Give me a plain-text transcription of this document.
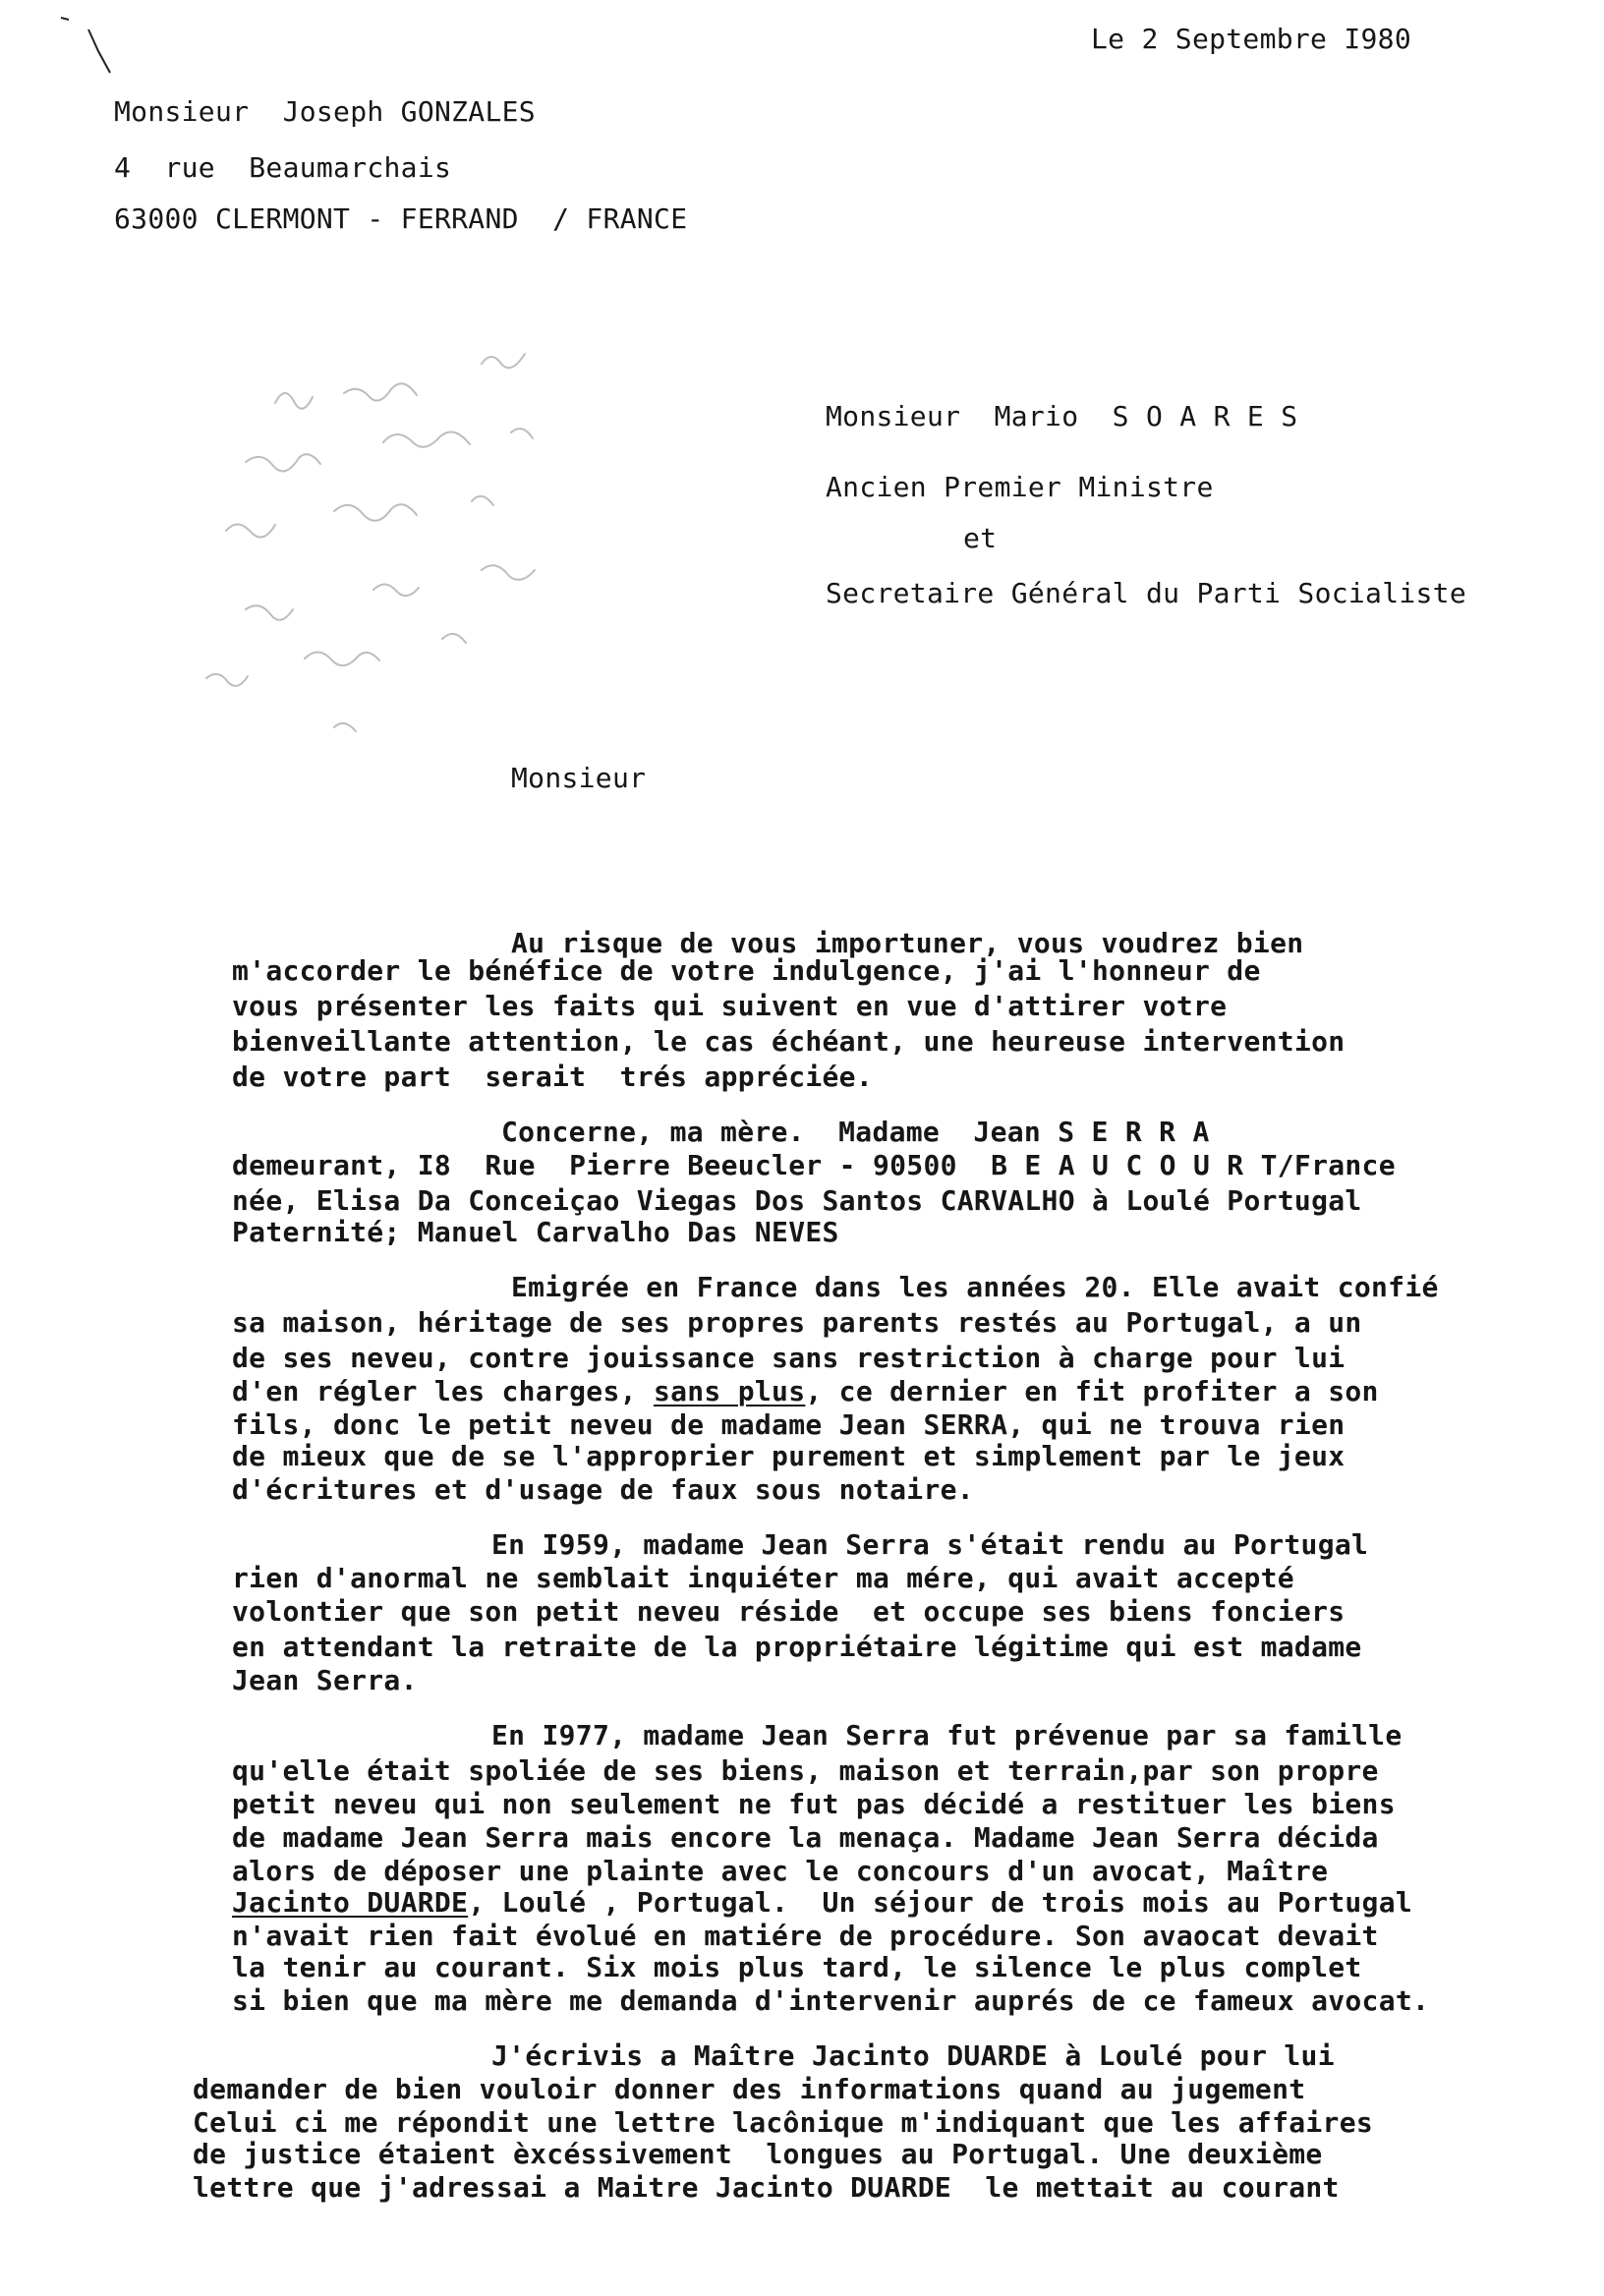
Le 2 Septembre I980
Monsieur  Joseph GONZALES
4  rue  Beaumarchais
63000 CLERMONT - FERRAND  / FRANCE
Monsieur  Mario  S O A R E S
Ancien Premier Ministre
et
Secretaire Général du Parti Socialiste
Monsieur
Au risque de vous importuner, vous voudrez bien
m'accorder le bénéfice de votre indulgence, j'ai l'honneur de
vous présenter les faits qui suivent en vue d'attirer votre
bienveillante attention, le cas échéant, une heureuse intervention
de votre part  serait  trés appréciée.
Concerne, ma mère.  Madame  Jean S E R R A
demeurant, I8  Rue  Pierre Beeucler - 90500  B E A U C O U R T/France
née, Elisa Da Conceiçao Viegas Dos Santos CARVALHO à Loulé Portugal
Paternité; Manuel Carvalho Das NEVES
Emigrée en France dans les années 20. Elle avait confié
sa maison, héritage de ses propres parents restés au Portugal, a un
de ses neveu, contre jouissance sans restriction à charge pour lui
d'en régler les charges, sans plus, ce dernier en fit profiter a son
fils, donc le petit neveu de madame Jean SERRA, qui ne trouva rien
de mieux que de se l'approprier purement et simplement par le jeux
d'écritures et d'usage de faux sous notaire.
En I959, madame Jean Serra s'était rendu au Portugal
rien d'anormal ne semblait inquiéter ma mére, qui avait accepté
volontier que son petit neveu réside  et occupe ses biens fonciers
en attendant la retraite de la propriétaire légitime qui est madame
Jean Serra.
En I977, madame Jean Serra fut prévenue par sa famille
qu'elle était spoliée de ses biens, maison et terrain,par son propre
petit neveu qui non seulement ne fut pas décidé a restituer les biens
de madame Jean Serra mais encore la menaça. Madame Jean Serra décida
alors de déposer une plainte avec le concours d'un avocat, Maître
Jacinto DUARDE, Loulé , Portugal.  Un séjour de trois mois au Portugal
n'avait rien fait évolué en matiére de procédure. Son avaocat devait
la tenir au courant. Six mois plus tard, le silence le plus complet
si bien que ma mère me demanda d'intervenir auprés de ce fameux avocat.
J'écrivis a Maître Jacinto DUARDE à Loulé pour lui
demander de bien vouloir donner des informations quand au jugement
Celui ci me répondit une lettre lacônique m'indiquant que les affaires
de justice étaient èxcéssivement  longues au Portugal. Une deuxième
lettre que j'adressai a Maitre Jacinto DUARDE  le mettait au courant
